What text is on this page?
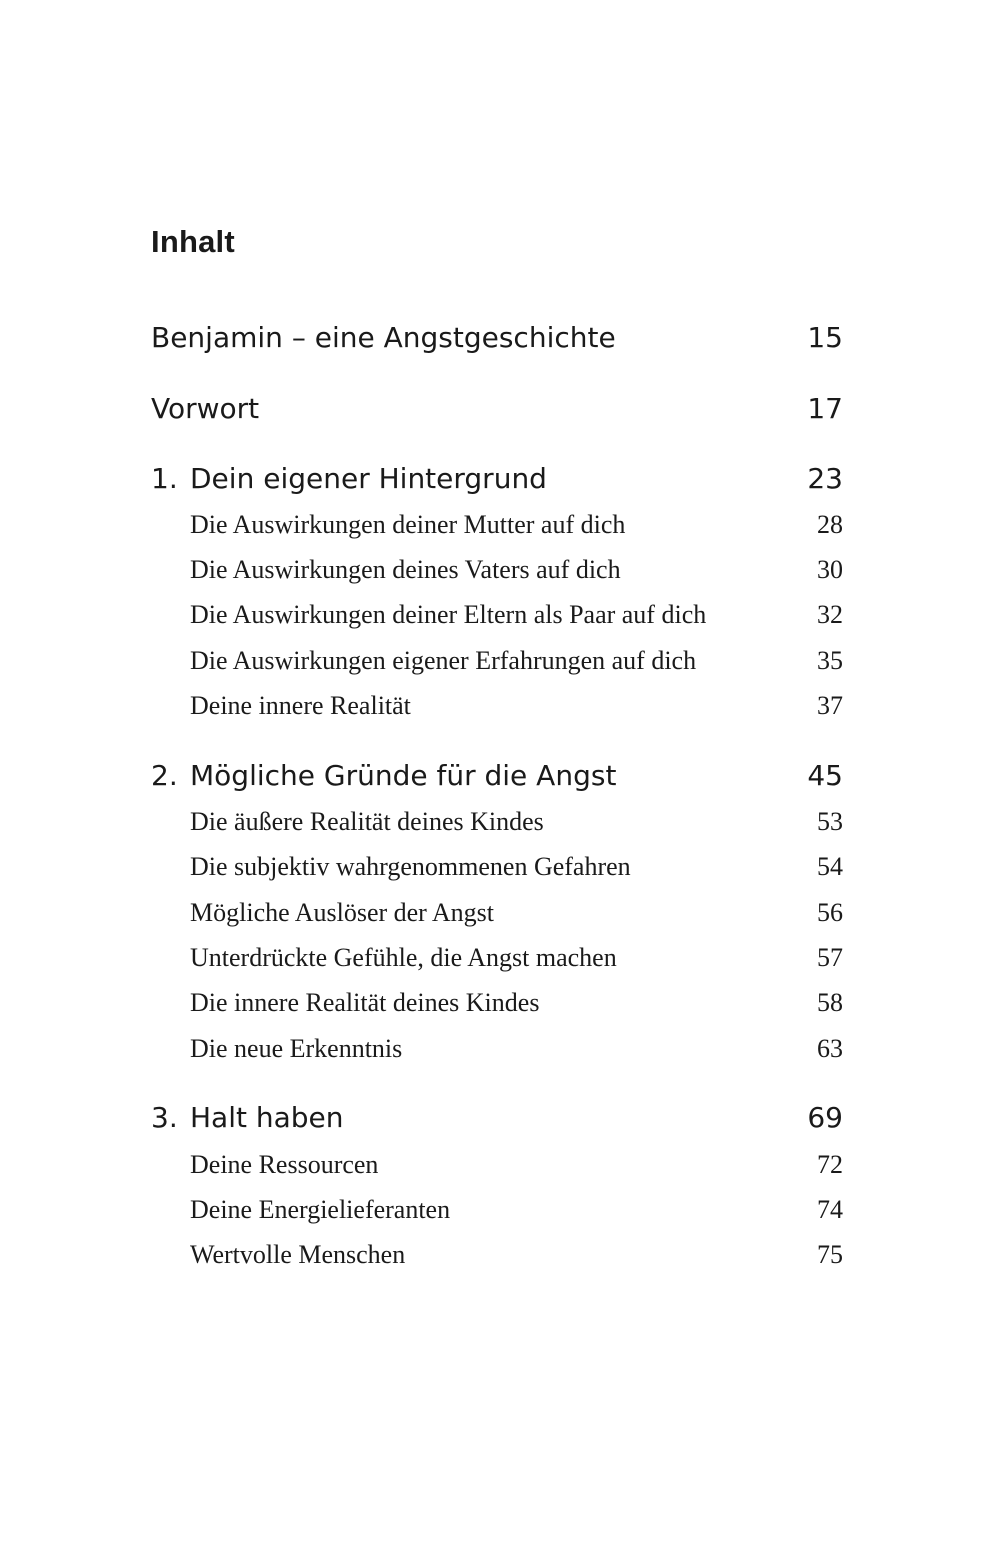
Inhalt
Benjamin – eine Angstgeschichte	15
Vorwort	17
1. Dein eigener Hintergrund	23
Die Auswirkungen deiner Mutter auf dich	28
Die Auswirkungen deines Vaters auf dich	30
Die Auswirkungen deiner Eltern als Paar auf dich	32
Die Auswirkungen eigener Erfahrungen auf dich	35
Deine innere Realität	37
2. Mögliche Gründe für die Angst	45
Die äußere Realität deines Kindes	53
Die subjektiv wahrgenommenen Gefahren	54
Mögliche Auslöser der Angst	56
Unterdrückte Gefühle, die Angst machen	57
Die innere Realität deines Kindes	58
Die neue Erkenntnis	63
3. Halt haben	69
Deine Ressourcen	72
Deine Energielieferanten	74
Wertvolle Menschen	75
